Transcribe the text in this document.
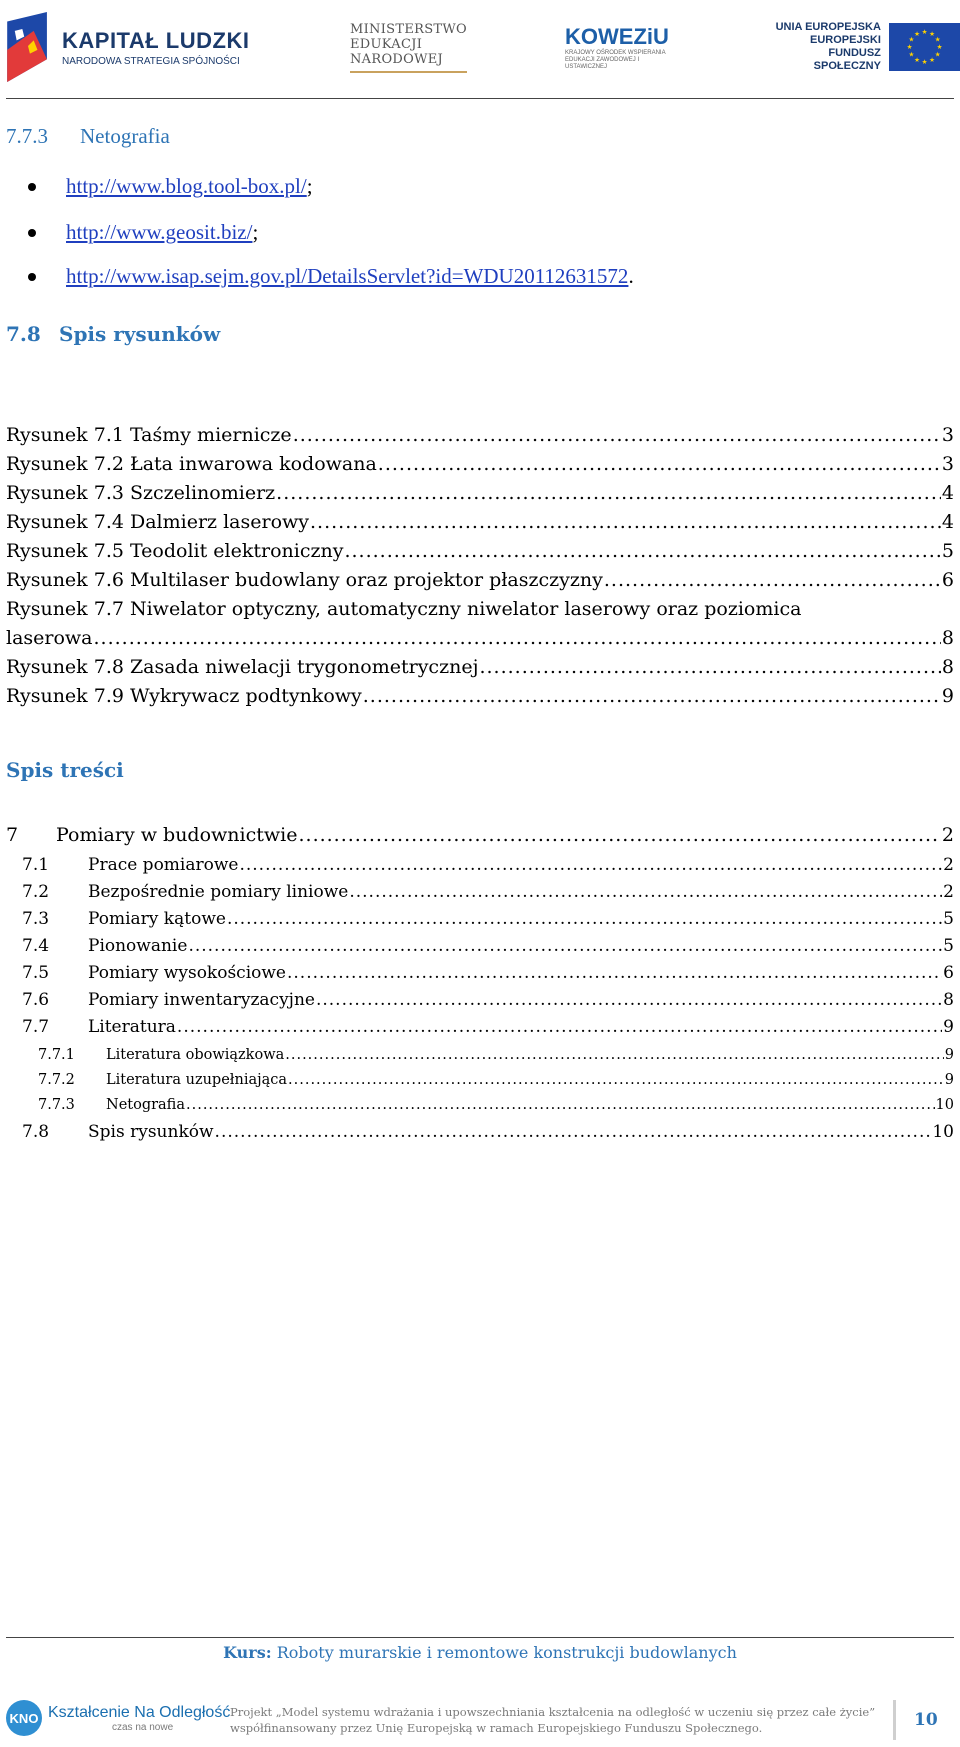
KAPITAŁ LUDZKI
NARODOWA STRATEGIA SPÓJNOŚCI
MINISTERSTWO
EDUKACJI
NARODOWEJ
KOWEZiU
KRAJOWY OŚRODEK WSPIERANIA EDUKACJI ZAWODOWEJ I USTAWICZNEJ
UNIA EUROPEJSKA
EUROPEJSKI
FUNDUSZ SPOŁECZNY
★ ★
★
★
★
★
★
★
★
★
★
★
7.7.3 Netografia
http://www.blog.tool-box.pl/
http://www.geosit.biz/
http://www.isap.sejm.gov.pl/DetailsServlet?id=WDU20112631572
;
;
.
7.8 Spis rysunków
Rysunek 7.1 Taśmy miernicze .....	3
Rysunek 7.2 Łata inwarowa kodowana .....	3
Rysunek 7.3 Szczelinomierz .....	4
Rysunek 7.4 Dalmierz laserowy .....	4
Rysunek 7.5 Teodolit elektroniczny .....	5
Rysunek 7.6 Multilaser budowlany oraz projektor płaszczyzny .....	6
Rysunek 7.7 Niwelator optyczny, automatyczny niwelator laserowy oraz poziomica
laserowa .....	8
Rysunek 7.8 Zasada niwelacji trygonometrycznej .....	8
Rysunek 7.9 Wykrywacz podtynkowy .....	9
Spis treści
7 Pomiary w budownictwie .....	2
7.1 Prace pomiarowe .....	2
7.2 Bezpośrednie pomiary liniowe .....	2
7.3 Pomiary kątowe .....	5
7.4 Pionowanie .....	5
7.5 Pomiary wysokościowe .....	6
7.6 Pomiary inwentaryzacyjne .....	8
7.7 Literatura .....	9
7.7.1 Literatura obowiązkowa .....	9
7.7.2 Literatura uzupełniająca .....	9
7.7.3 Netografia .....	10
7.8 Spis rysunków .....	10
Kurs: Roboty murarskie i remontowe konstrukcji budowlanych
KNO Kształcenie Na Odległość
czas na nowe
Projekt „Model systemu wdrażania i upowszechniania kształcenia na odległość w uczeniu się przez całe życie”
współfinansowany przez Unię Europejską w ramach Europejskiego Funduszu Społecznego.	10
